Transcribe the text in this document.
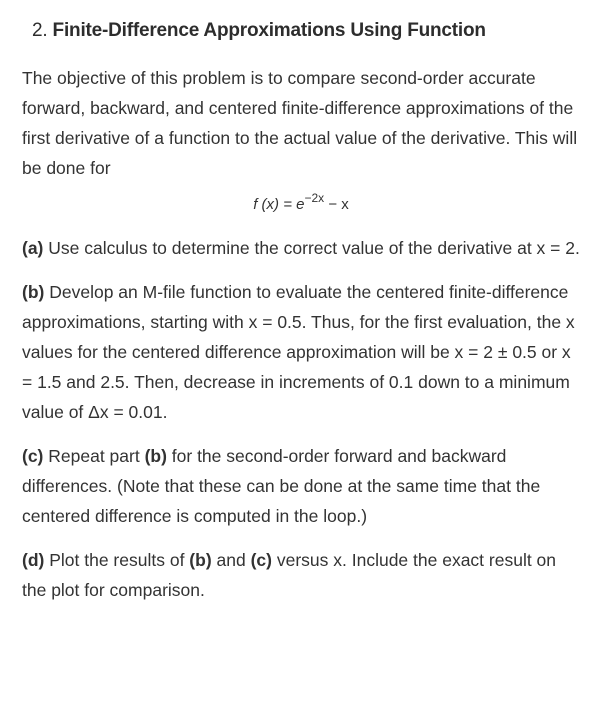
2. Finite-Difference Approximations Using Function

The objective of this problem is to compare second-order accurate forward, backward, and centered finite-difference approximations of the first derivative of a function to the actual value of the derivative. This will be done for

f $(x) = e^{-2x} - x$

(a) Use calculus to determine the correct value of the derivative at x = 2.

(b) Develop an M-file function to evaluate the centered finite-difference approximations, starting with x = 0.5. Thus, for the first evaluation, the x values for the centered difference approximation will be x = 2 ± 0.5 or x = 1.5 and 2.5. Then, decrease in increments of 0.1 down to a minimum value of Δx = 0.01.

(c) Repeat part (b) for the second-order forward and backward differences. (Note that these can be done at the same time that the centered difference is computed in the loop.)

(d) Plot the results of (b) and (c) versus x. Include the exact result on the plot for comparison.
